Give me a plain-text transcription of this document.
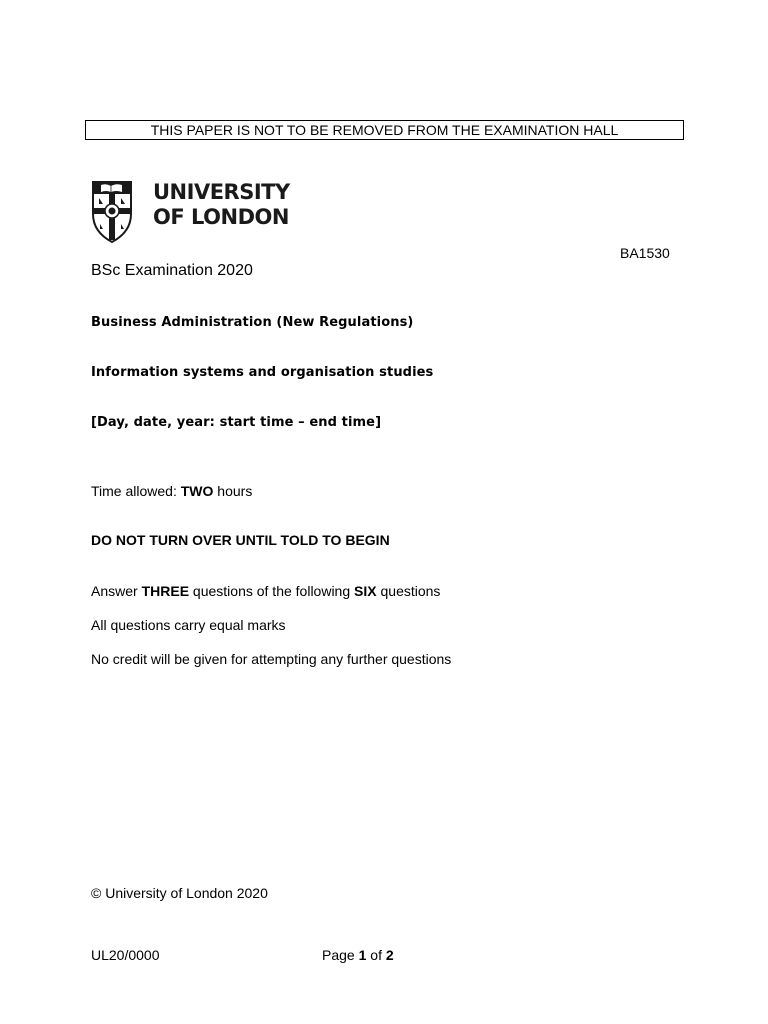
THIS PAPER IS NOT TO BE REMOVED FROM THE EXAMINATION HALL
UNIVERSITY
OF LONDON
BA1530
BSc Examination 2020
Business Administration (New Regulations)
Information systems and organisation studies
[Day, date, year: start time – end time]
Time allowed: TWO hours
DO NOT TURN OVER UNTIL TOLD TO BEGIN
Answer THREE questions of the following SIX questions
All questions carry equal marks
No credit will be given for attempting any further questions
© University of London 2020
UL20/0000	Page 1 of 2
